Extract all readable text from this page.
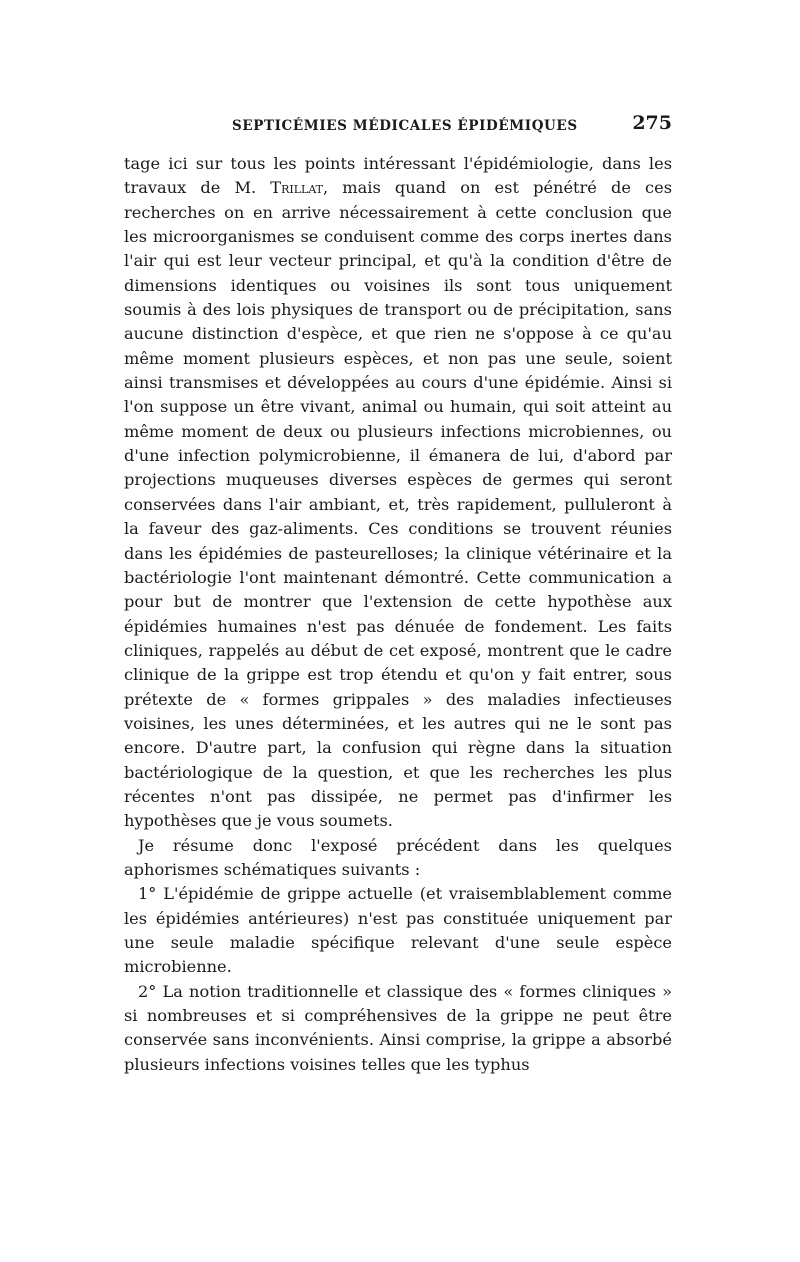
SEPTICÉMIES MÉDICALES ÉPIDÉMIQUES	275

tage ici sur tous les points intéressant l'épidémiologie, dans les travaux de M. Trillat, mais quand on est pénétré de ces recherches on en arrive nécessairement à cette conclusion que les microorganismes se conduisent comme des corps inertes dans l'air qui est leur vecteur principal, et qu'à la condition d'être de dimensions identiques ou voisines ils sont tous uniquement soumis à des lois physiques de transport ou de précipitation, sans aucune distinction d'espèce, et que rien ne s'oppose à ce qu'au même moment plusieurs espèces, et non pas une seule, soient ainsi transmises et développées au cours d'une épidémie. Ainsi si l'on suppose un être vivant, animal ou humain, qui soit atteint au même moment de deux ou plusieurs infections microbiennes, ou d'une infection polymicrobienne, il émanera de lui, d'abord par projections muqueuses diverses espèces de germes qui seront conservées dans l'air ambiant, et, très rapidement, pulluleront à la faveur des gaz-aliments. Ces conditions se trouvent réunies dans les épidémies de pasteurelloses; la clinique vétérinaire et la bactériologie l'ont maintenant démontré. Cette communication a pour but de montrer que l'extension de cette hypothèse aux épidémies humaines n'est pas dénuée de fondement. Les faits cliniques, rappelés au début de cet exposé, montrent que le cadre clinique de la grippe est trop étendu et qu'on y fait entrer, sous prétexte de « formes grippales » des maladies infectieuses voisines, les unes déterminées, et les autres qui ne le sont pas encore. D'autre part, la confusion qui règne dans la situation bactériologique de la question, et que les recherches les plus récentes n'ont pas dissipée, ne permet pas d'infirmer les hypothèses que je vous soumets.

Je résume donc l'exposé précédent dans les quelques aphorismes schématiques suivants :

1° L'épidémie de grippe actuelle (et vraisemblablement comme les épidémies antérieures) n'est pas constituée uniquement par une seule maladie spécifique relevant d'une seule espèce microbienne.

2° La notion traditionnelle et classique des « formes cliniques » si nombreuses et si compréhensives de la grippe ne peut être conservée sans inconvénients. Ainsi comprise, la grippe a absorbé plusieurs infections voisines telles que les typhus
